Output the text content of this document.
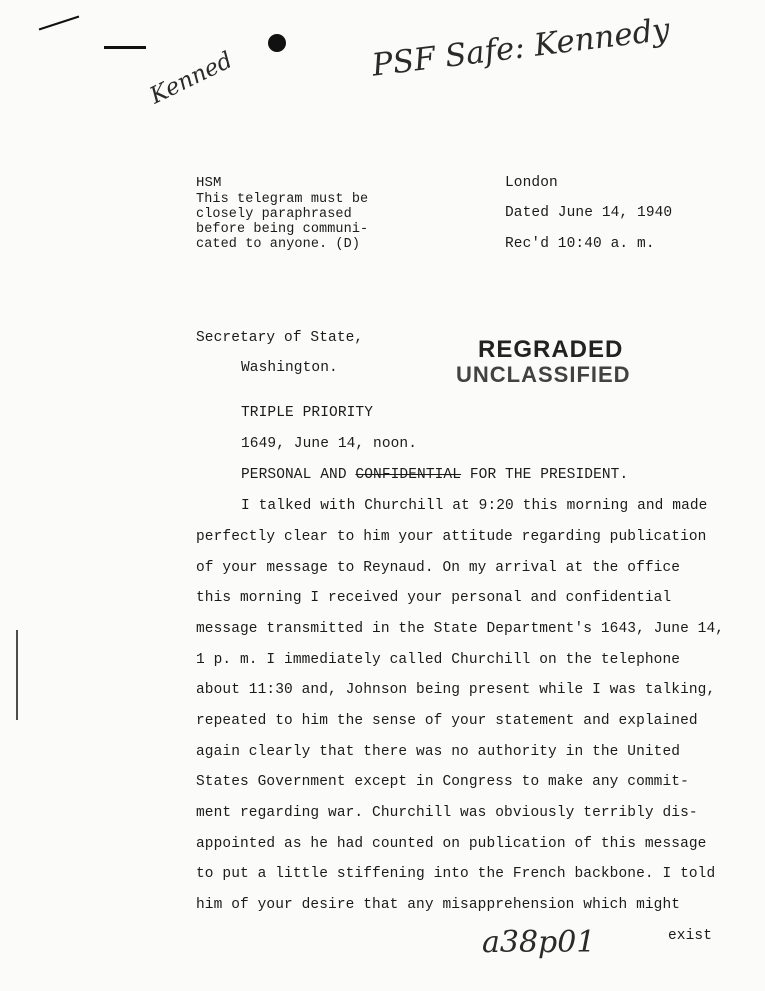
Kenned	PSF Safe: Kennedy
HSM
This telegram must be
closely paraphrased
before being communi-
cated to anyone. (D)
London
Dated June 14, 1940
Rec'd 10:40 a. m.
Secretary of State,
Washington.
REGRADED
UNCLASSIFIED
TRIPLE PRIORITY
1649, June 14, noon.
PERSONAL AND CONFIDENTIAL FOR THE PRESIDENT.
I talked with Churchill at 9:20 this morning and made
perfectly clear to him your attitude regarding publication
of your message to Reynaud. On my arrival at the office
this morning I received your personal and confidential
message transmitted in the State Department's 1643, June 14,
1 p. m. I immediately called Churchill on the telephone
about 11:30 and, Johnson being present while I was talking,
repeated to him the sense of your statement and explained
again clearly that there was no authority in the United
States Government except in Congress to make any commit-
ment regarding war. Churchill was obviously terribly dis-
appointed as he had counted on publication of this message
to put a little stiffening into the French backbone. I told
him of your desire that any misapprehension which might
a38p01	exist
